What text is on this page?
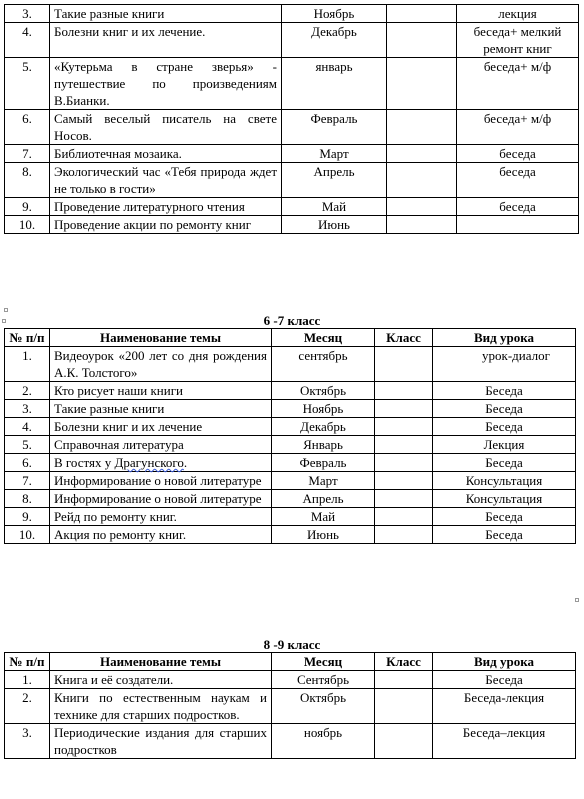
3.	Такие разные книги	Ноябрь		лекция
4.	Болезни книг и их лечение.	Декабрь		беседа+ мелкий ремонт книг
5.	«Кутерьма в стране зверья» - путешествие по произведениям В.Бианки.	январь		беседа+ м/ф
6.	Самый веселый писатель на свете Носов.	Февраль		беседа+ м/ф
7.	Библиотечная мозаика.	Март		беседа
8.	Экологический час «Тебя природа ждет не только в гости»	Апрель		беседа
9.	Проведение литературного чтения	Май		беседа
10.	Проведение акции по ремонту книг	Июнь		
6 -7 класс
№ п/п	Наименование темы	Месяц	Класс	Вид урока
1.	Видеоурок «200 лет со дня рождения А.К. Толстого»	сентябрь		урок-диалог
2.	Кто рисует наши книги	Октябрь		Беседа
3.	Такие разные книги	Ноябрь		Беседа
4.	Болезни книг и их лечение	Декабрь		Беседа
5.	Справочная литература	Январь		Лекция
6.	В гостях у Драгунского.	Февраль		Беседа
7.	Информирование о новой литературе	Март		Консультация
8.	Информирование о новой литературе	Апрель		Консультация
9.	Рейд по ремонту книг.	Май		Беседа
10.	Акция по ремонту книг.	Июнь		Беседа
8 -9 класс
№ п/п	Наименование темы	Месяц	Класс	Вид урока
1.	Книга и её создатели.	Сентябрь		Беседа
2.	Книги по естественным наукам и технике для старших подростков.	Октябрь		Беседа-лекция
3.	Периодические издания для старших подростков	ноябрь		Беседа–лекция
